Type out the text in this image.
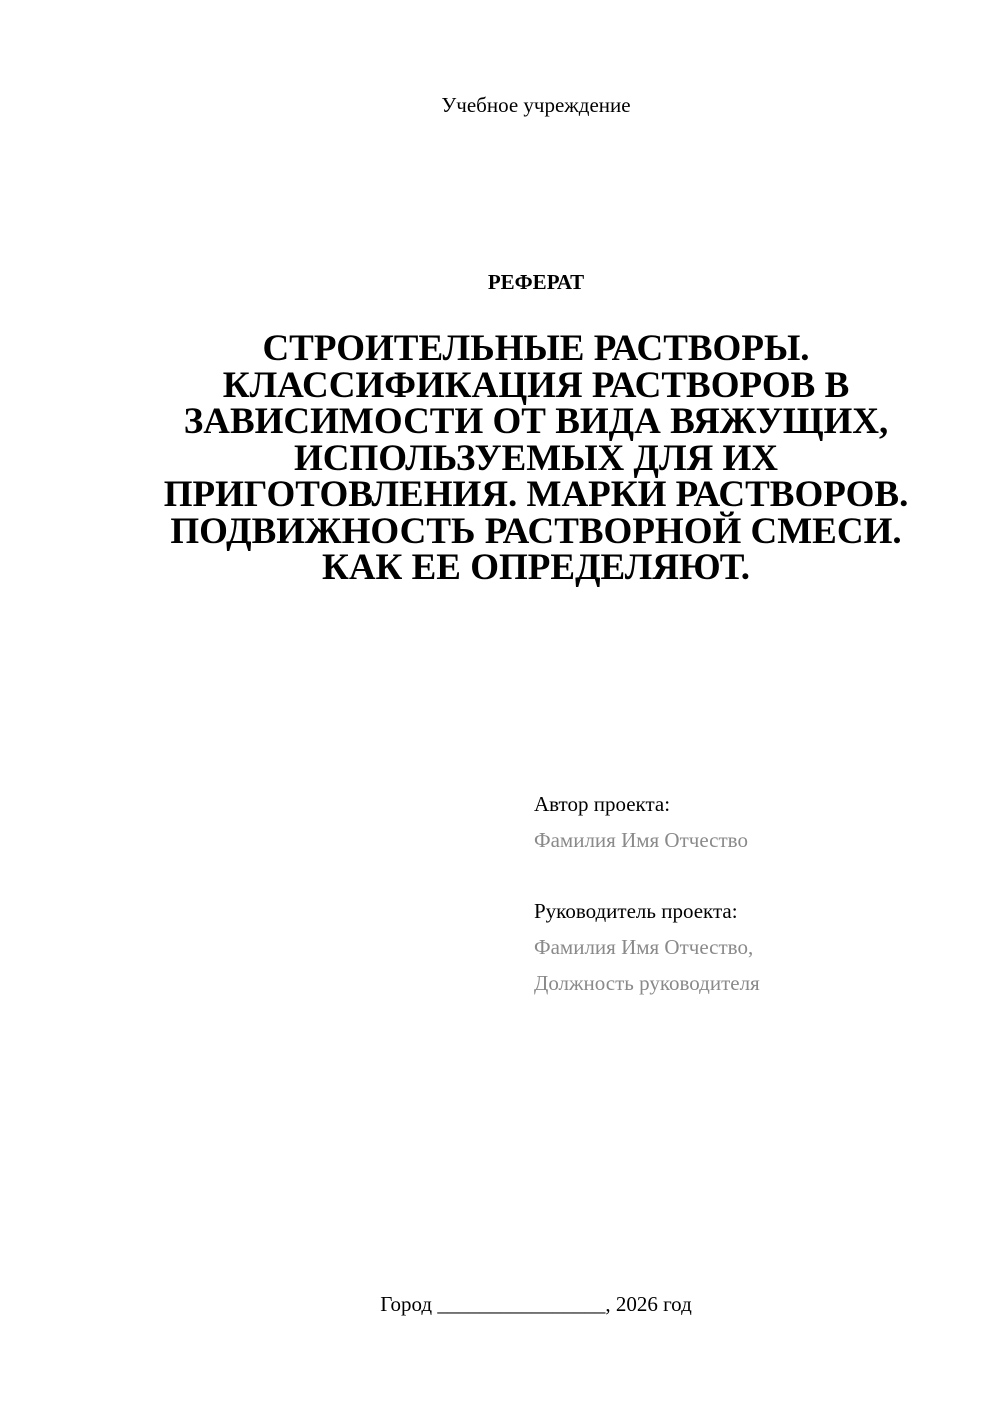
Учебное учреждение
РЕФЕРАТ
СТРОИТЕЛЬНЫЕ РАСТВОРЫ. КЛАССИФИКАЦИЯ РАСТВОРОВ В ЗАВИСИМОСТИ ОТ ВИДА ВЯЖУЩИХ, ИСПОЛЬЗУЕМЫХ ДЛЯ ИХ ПРИГОТОВЛЕНИЯ. МАРКИ РАСТВОРОВ. ПОДВИЖНОСТЬ РАСТВОРНОЙ СМЕСИ. КАК ЕЕ ОПРЕДЕЛЯЮТ.
Автор проекта:
Фамилия Имя Отчество
Руководитель проекта:
Фамилия Имя Отчество,
Должность руководителя
Город ________________, 2026 год
